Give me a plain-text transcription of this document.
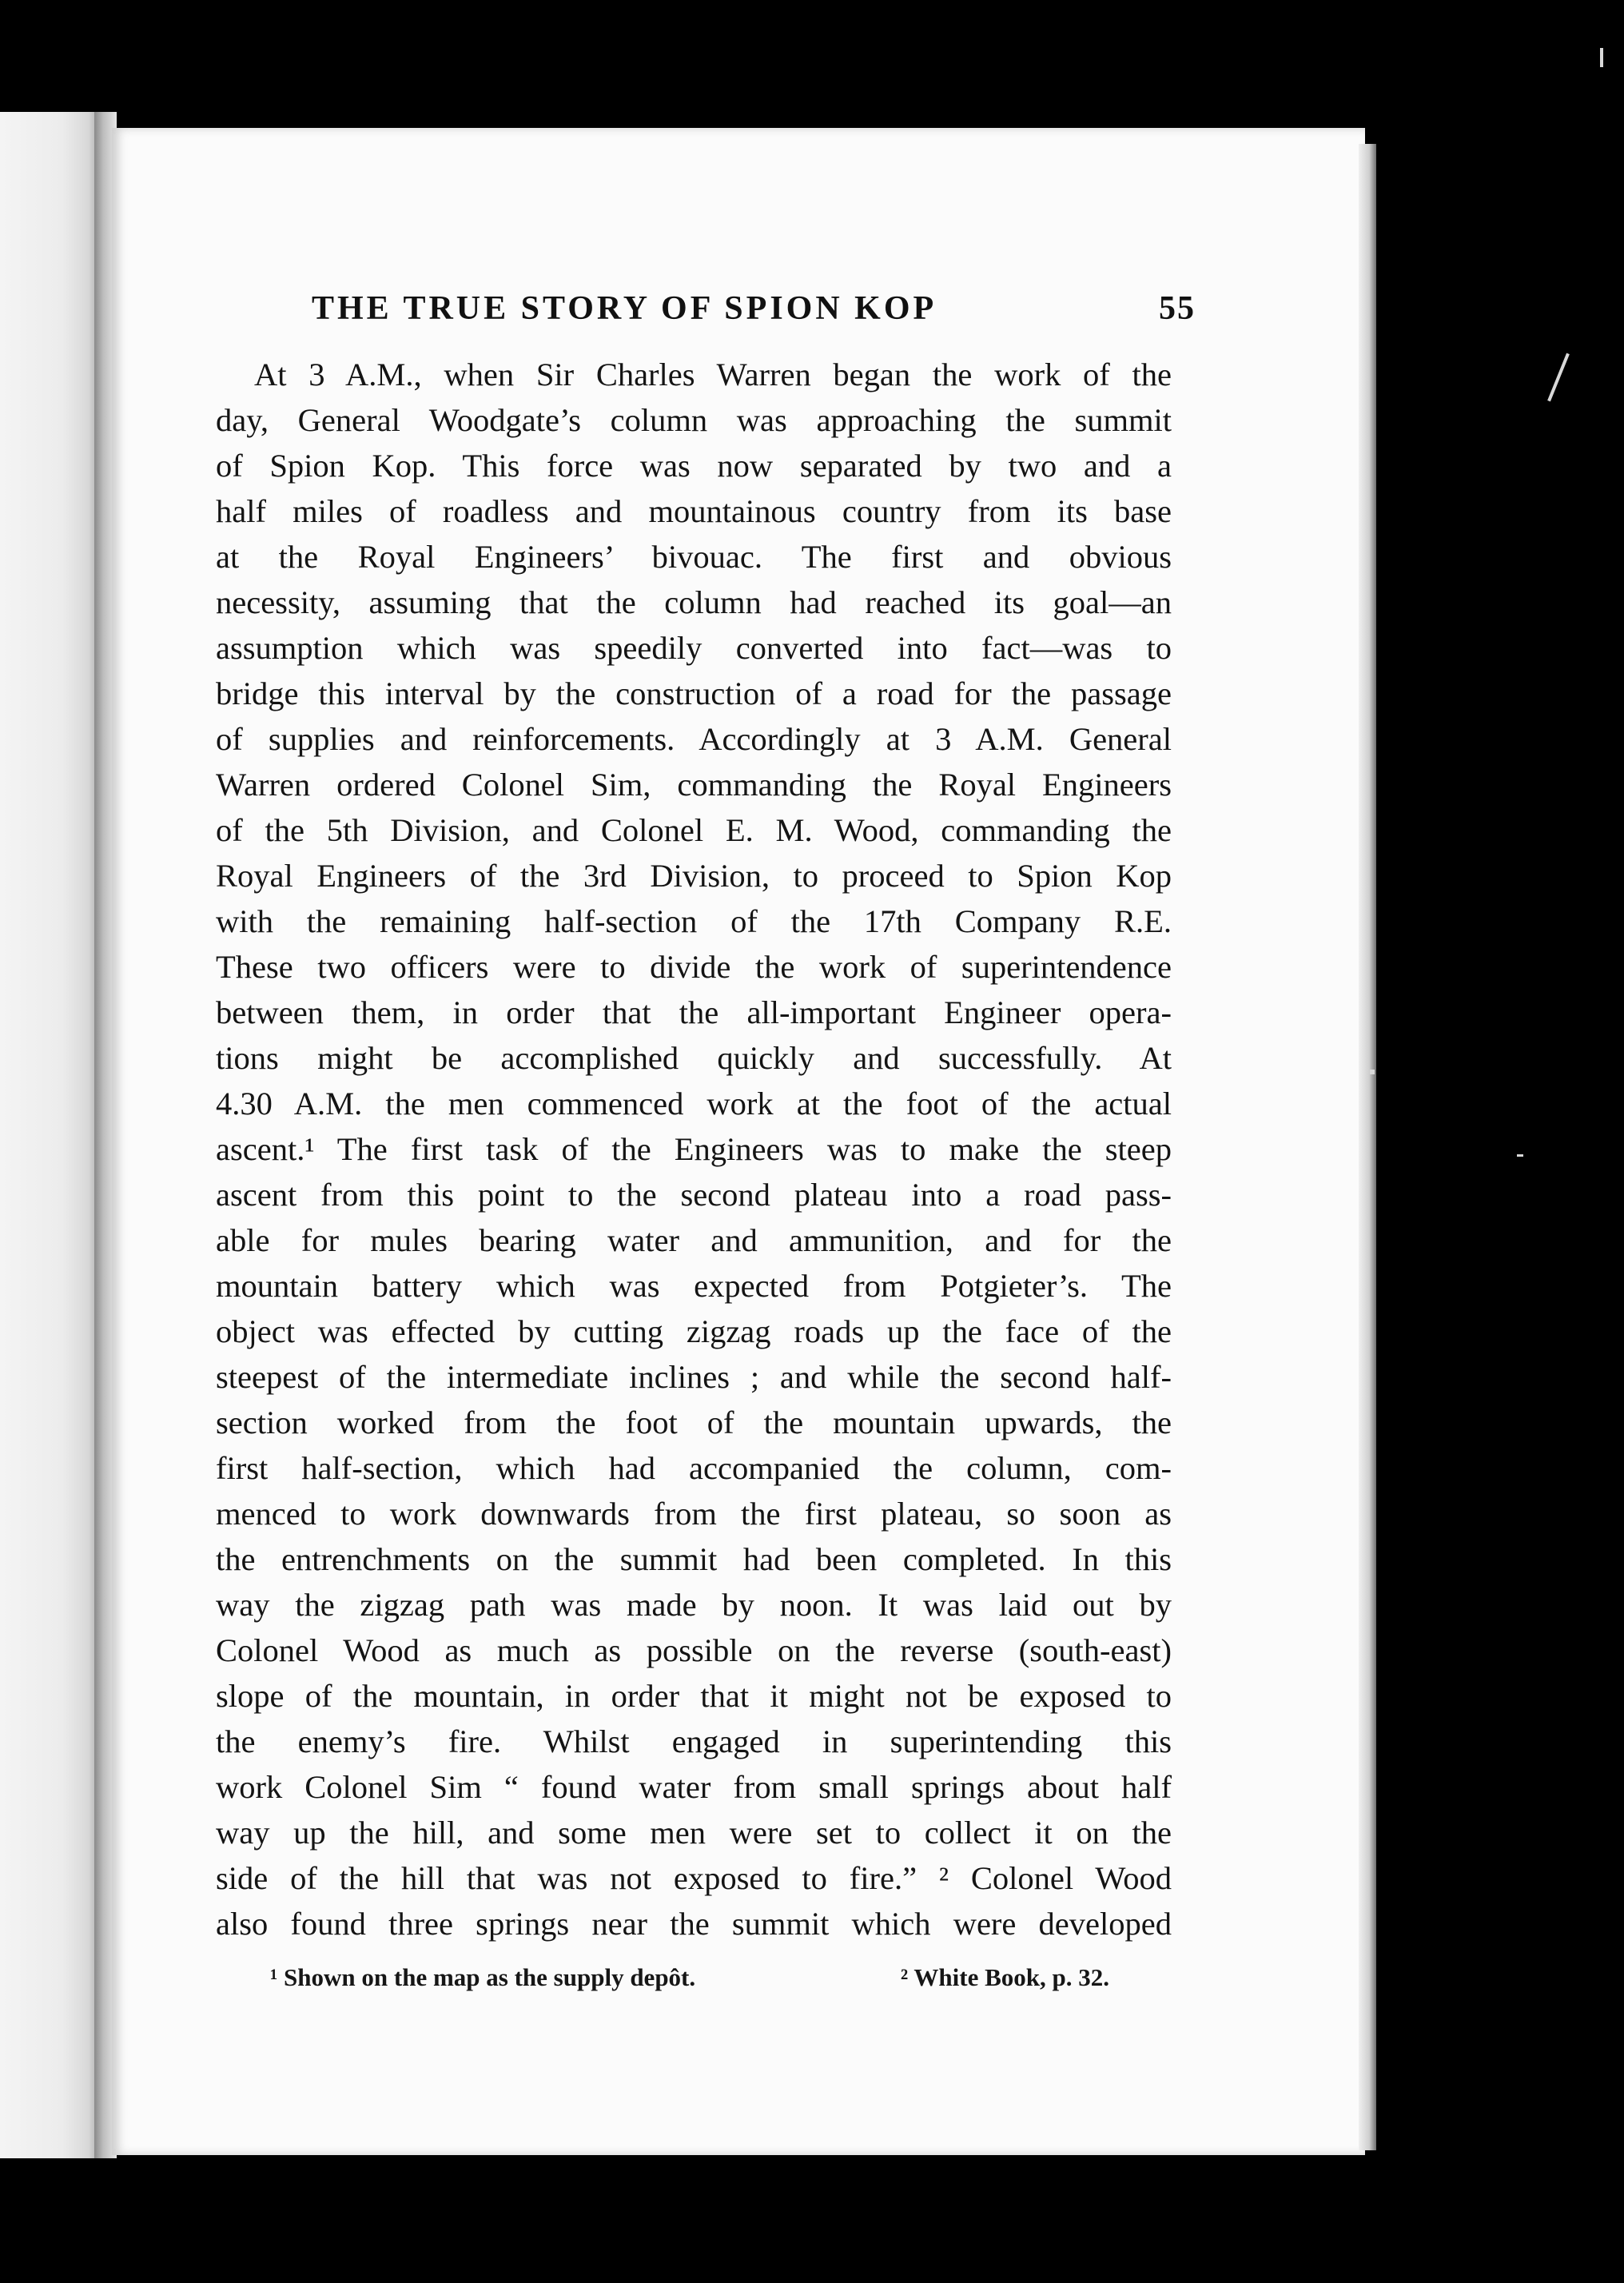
THE TRUE STORY OF SPION KOP	55
At 3 A.M., when Sir Charles Warren began the work of the
day, General Woodgate’s column was approaching the summit
of Spion Kop. This force was now separated by two and a
half miles of roadless and mountainous country from its base
at the Royal Engineers’ bivouac. The first and obvious
necessity, assuming that the column had reached its goal—an
assumption which was speedily converted into fact—was to
bridge this interval by the construction of a road for the passage
of supplies and reinforcements. Accordingly at 3 A.M. General
Warren ordered Colonel Sim, commanding the Royal Engineers
of the 5th Division, and Colonel E. M. Wood, commanding the
Royal Engineers of the 3rd Division, to proceed to Spion Kop
with the remaining half-section of the 17th Company R.E.
These two officers were to divide the work of superintendence
between them, in order that the all-important Engineer opera-
tions might be accomplished quickly and successfully. At
4.30 A.M. the men commenced work at the foot of the actual
ascent.¹ The first task of the Engineers was to make the steep
ascent from this point to the second plateau into a road pass-
able for mules bearing water and ammunition, and for the
mountain battery which was expected from Potgieter’s. The
object was effected by cutting zigzag roads up the face of the
steepest of the intermediate inclines ; and while the second half-
section worked from the foot of the mountain upwards, the
first half-section, which had accompanied the column, com-
menced to work downwards from the first plateau, so soon as
the entrenchments on the summit had been completed. In this
way the zigzag path was made by noon. It was laid out by
Colonel Wood as much as possible on the reverse (south-east)
slope of the mountain, in order that it might not be exposed to
the enemy’s fire. Whilst engaged in superintending this
work Colonel Sim “ found water from small springs about half
way up the hill, and some men were set to collect it on the
side of the hill that was not exposed to fire.” ² Colonel Wood
also found three springs near the summit which were developed
¹ Shown on the map as the supply depôt.	² White Book, p. 32.
